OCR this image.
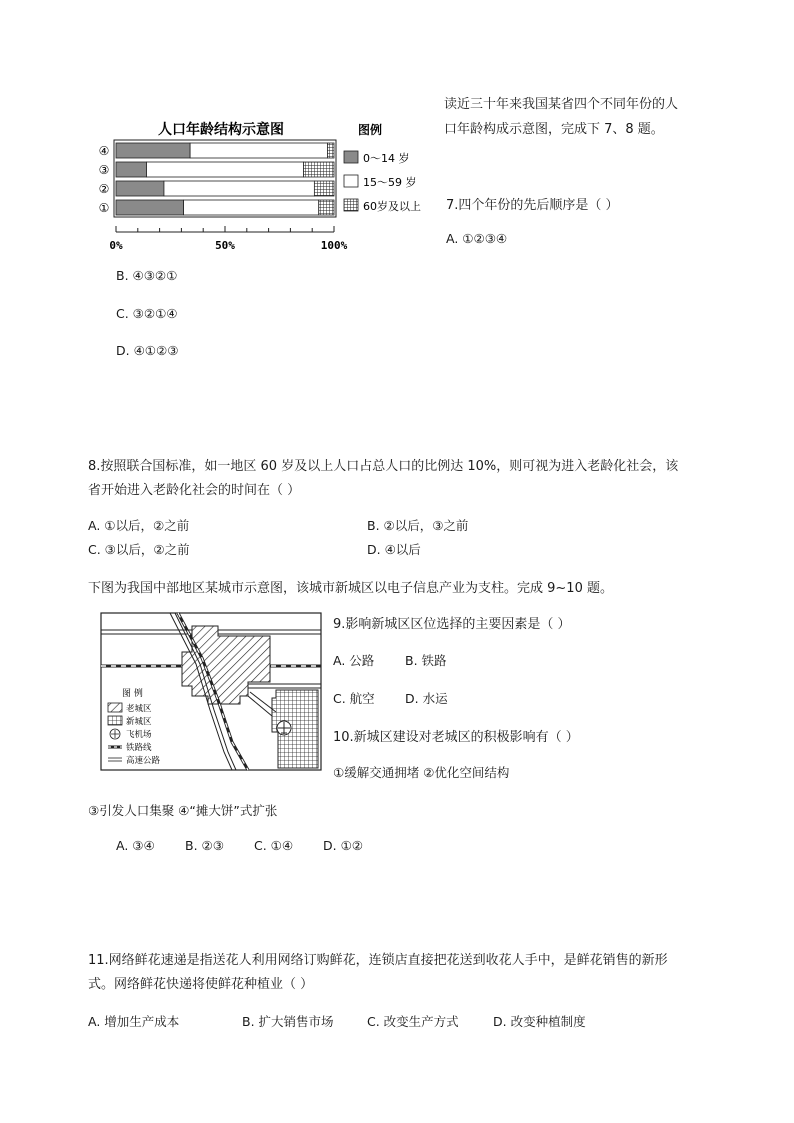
读近三十年来我国某省四个不同年份的人
口年龄构成示意图，完成下 7、8 题。
人口年龄结构示意图
④
③
②
①
0%	50%	100%
图例
0～14 岁
15～59 岁
60岁及以上 7.四个年份的先后顺序是（ ）
A. ①②③④
B. ④③②①
C. ③②①④
D. ④①②③
8.按照联合国标准，如一地区 60 岁及以上人口占总人口的比例达 10%，则可视为进入老龄化社会，该
省开始进入老龄化社会的时间在（ ）
A. ①以后，②之前	B. ②以后，③之前
C. ③以后，②之前	D. ④以后
下图为我国中部地区某城市示意图，该城市新城区以电子信息产业为支柱。完成 9~10 题。
图 例
老城区
新城区
飞机场
铁路线
高速公路
9.影响新城区区位选择的主要因素是（ ）
A. 公路 B. 铁路
C. 航空 D. 水运
10.新城区建设对老城区的积极影响有（ ）
①缓解交通拥堵 ②优化空间结构
③引发人口集聚 ④“摊大饼”式扩张
A. ③④ B. ②③ C. ①④ D. ①②
11.网络鲜花速递是指送花人利用网络订购鲜花，连锁店直接把花送到收花人手中，是鲜花销售的新形
式。网络鲜花快递将使鲜花种植业（ ）
A. 增加生产成本	B. 扩大销售市场	C. 改变生产方式	D. 改变种植制度
